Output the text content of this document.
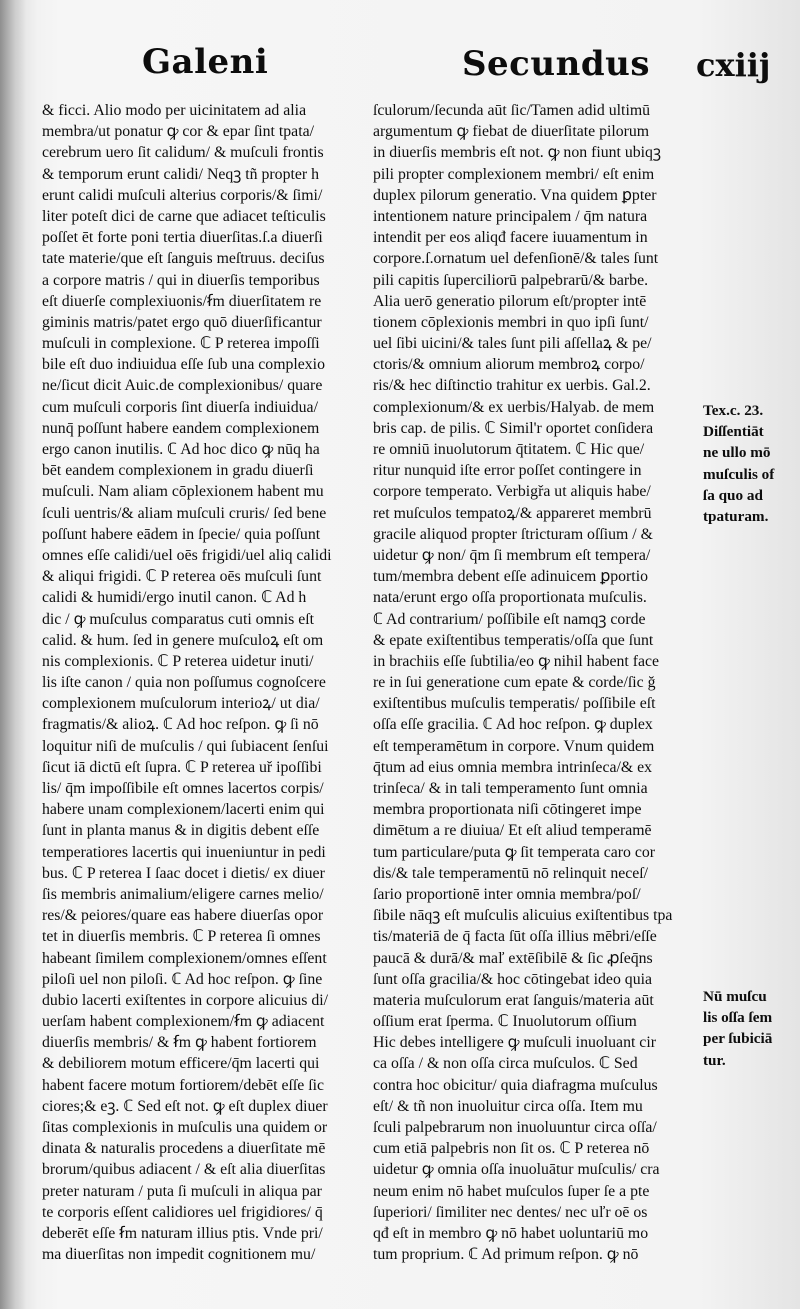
Galeni	Secundus cxiij
& ficci. Alio modo per uicinitatem ad alia
membra/ut ponatur ꝙ cor & epar ſint tpata/
cerebrum uero ſit calidum/ & muſculi frontis
& temporum erunt calidi/ Neqꝫ tñ propter h
erunt calidi muſculi alterius corporis/& ſimi/
liter poteſt dici de carne que adiacet teſticulis
poſſet ēt forte poni tertia diuerſitas.ſ.a diuerſi
tate materie/que eſt ſanguis meſtruus. deciſus
a corpore matris / qui in diuerſis temporibus
eſt diuerſe complexiuonis/ẜm diuerſitatem re
giminis matris/patet ergo quō diuerſificantur
muſculi in complexione. ℂ P reterea impoſſi
bile eſt duo indiuidua eſſe ſub una complexio
ne/ſicut dicit Auic.de complexionibus/ quare
cum muſculi corporis ſint diuerſa indiuidua/
nunq̄ poſſunt habere eandem complexionem
ergo canon inutilis. ℂ Ad hoc dico ꝙ nūq ha
bēt eandem complexionem in gradu diuerſi
muſculi. Nam aliam cōplexionem habent mu
ſculi uentris/& aliam muſculi cruris/ ſed bene
poſſunt habere eādem in ſpecie/ quia poſſunt
omnes eſſe calidi/uel oēs frigidi/uel aliq calidi
& aliqui frigidi. ℂ P reterea oēs muſculi ſunt
calidi & humidi/ergo inutil canon. ℂ Ad h
dic / ꝙ muſculus comparatus cuti omnis eſt
calid. & hum. ſed in genere muſculoꝝ eſt om
nis complexionis. ℂ P reterea uidetur inuti/
lis iſte canon / quia non poſſumus cognoſcere
complexionem muſculorum interioꝝ/ ut dia/
fragmatis/& alioꝝ. ℂ Ad hoc reſpon. ꝙ ſi nō
loquitur niſi de muſculis / qui ſubiacent ſenſui
ſicut iā dictū eſt ſupra. ℂ P reterea uř ipoſſibi
lis/ q̄m impoſſibile eſt omnes lacertos corpis/
habere unam complexionem/lacerti enim qui
ſunt in planta manus & in digitis debent eſſe
temperatiores lacertis qui inueniuntur in pedi
bus. ℂ P reterea I ſaac docet i dietis/ ex diuer
ſis membris animalium/eligere carnes melio/
res/& peiores/quare eas habere diuerſas opor
tet in diuerſis membris. ℂ P reterea ſi omnes
habeant ſimilem complexionem/omnes eſſent
piloſi uel non piloſi. ℂ Ad hoc reſpon. ꝙ ſine
dubio lacerti exiſtentes in corpore alicuius di/
uerſam habent complexionem/ẜm ꝙ adiacent
diuerſis membris/ & ẜm ꝙ habent fortiorem
& debiliorem motum efficere/q̄m lacerti qui
habent facere motum fortiorem/debēt eſſe ſic
ciores;& eꝫ. ℂ Sed eſt not. ꝙ eſt duplex diuer
ſitas complexionis in muſculis una quidem or
dinata & naturalis procedens a diuerſitate mē
brorum/quibus adiacent / & eſt alia diuerſitas
preter naturam / puta ſi muſculi in aliqua par
te corporis eſſent calidiores uel frigidiores/ q̄
deberēt eſſe ẜm naturam illius ptis. Vnde pri/
ma diuerſitas non impedit cognitionem mu/
ſculorum/ſecunda aūt ſic/Tamen adid ultimū
argumentum ꝙ fiebat de diuerſitate pilorum
in diuerſis membris eſt not. ꝙ non fiunt ubiqꝫ
pili propter complexionem membri/ eſt enim
duplex pilorum generatio. Vna quidem ꝑpter
intentionem nature principalem / q̄m natura
intendit per eos aliqđ facere iuuamentum in
corpore.ſ.ornatum uel defenſionē/& tales ſunt
pili capitis ſuperciliorū palpebrarū/& barbe.
Alia uerō generatio pilorum eſt/propter intē
tionem cōplexionis membri in quo ipſi ſunt/
uel ſibi uicini/& tales ſunt pili aſſellaꝝ & pe/
ctoris/& omnium aliorum membroꝝ corpo/
ris/& hec diſtinctio trahitur ex uerbis. Gal.2.
complexionum/& ex uerbis/Halyab. de mem
bris cap. de pilis. ℂ Simil'r oportet conſidera
re omniū inuolutorum q̄titatem. ℂ Hic que/
ritur nunquid iſte error poſſet contingere in
corpore temperato. Verbigřa ut aliquis habe/
ret muſculos tempatoꝝ/& appareret membrū
gracile aliquod propter ſtricturam oſſium / &
uidetur ꝙ non/ q̄m ſi membrum eſt tempera/
tum/membra debent eſſe adinuicem ꝑportio
nata/erunt ergo oſſa proportionata muſculis.
ℂ Ad contrarium/ poſſibile eſt namqꝫ corde
& epate exiſtentibus temperatis/oſſa que ſunt
in brachiis eſſe ſubtilia/eo ꝙ nihil habent face
re in ſui generatione cum epate & corde/ſic ğ
exiſtentibus muſculis temperatis/ poſſibile eſt
oſſa eſſe gracilia. ℂ Ad hoc reſpon. ꝙ duplex
eſt temperamētum in corpore. Vnum quidem
q̄tum ad eius omnia membra intrinſeca/& ex
trinſeca/ & in tali temperamento ſunt omnia
membra proportionata niſi cōtingeret impe
dimētum a re diuiua/ Et eſt aliud temperamē
tum particulare/puta ꝙ ſit temperata caro cor
dis/& tale temperamentū nō relinquit neceſ/
ſario proportionē inter omnia membra/poſ/
ſibile nāqꝫ eſt muſculis alicuius exiſtentibus tpa
tis/materiā de q̄ facta ſūt oſſa illius mēbri/eſſe
paucā & durā/& maľ extēſibilē & ſic ꝓſeq̄ns
ſunt oſſa gracilia/& hoc cōtingebat ideo quia
materia muſculorum erat ſanguis/materia aūt
oſſium erat ſperma. ℂ Inuolutorum oſſium
Hic debes intelligere ꝙ muſculi inuoluant cir
ca oſſa / & non oſſa circa muſculos. ℂ Sed
contra hoc obicitur/ quia diafragma muſculus
eſt/ & tñ non inuoluitur circa oſſa. Item mu
ſculi palpebrarum non inuoluuntur circa oſſa/
cum etiā palpebris non ſit os. ℂ P reterea nō
uidetur ꝙ omnia oſſa inuoluātur muſculis/ cra
neum enim nō habet muſculos ſuper ſe a pte
ſuperiori/ ſimiliter nec dentes/ nec uľr oē os
qđ eſt in membro ꝙ nō habet uoluntariū mo
tum proprium. ℂ Ad primum reſpon. ꝙ nō
Tex.c. 23.
Diſſentiāt
ne ullo mō
muſculis of
ſa quo ad
tpaturam.
Nū muſcu
lis oſſa ſem
per ſubiciā
tur.
